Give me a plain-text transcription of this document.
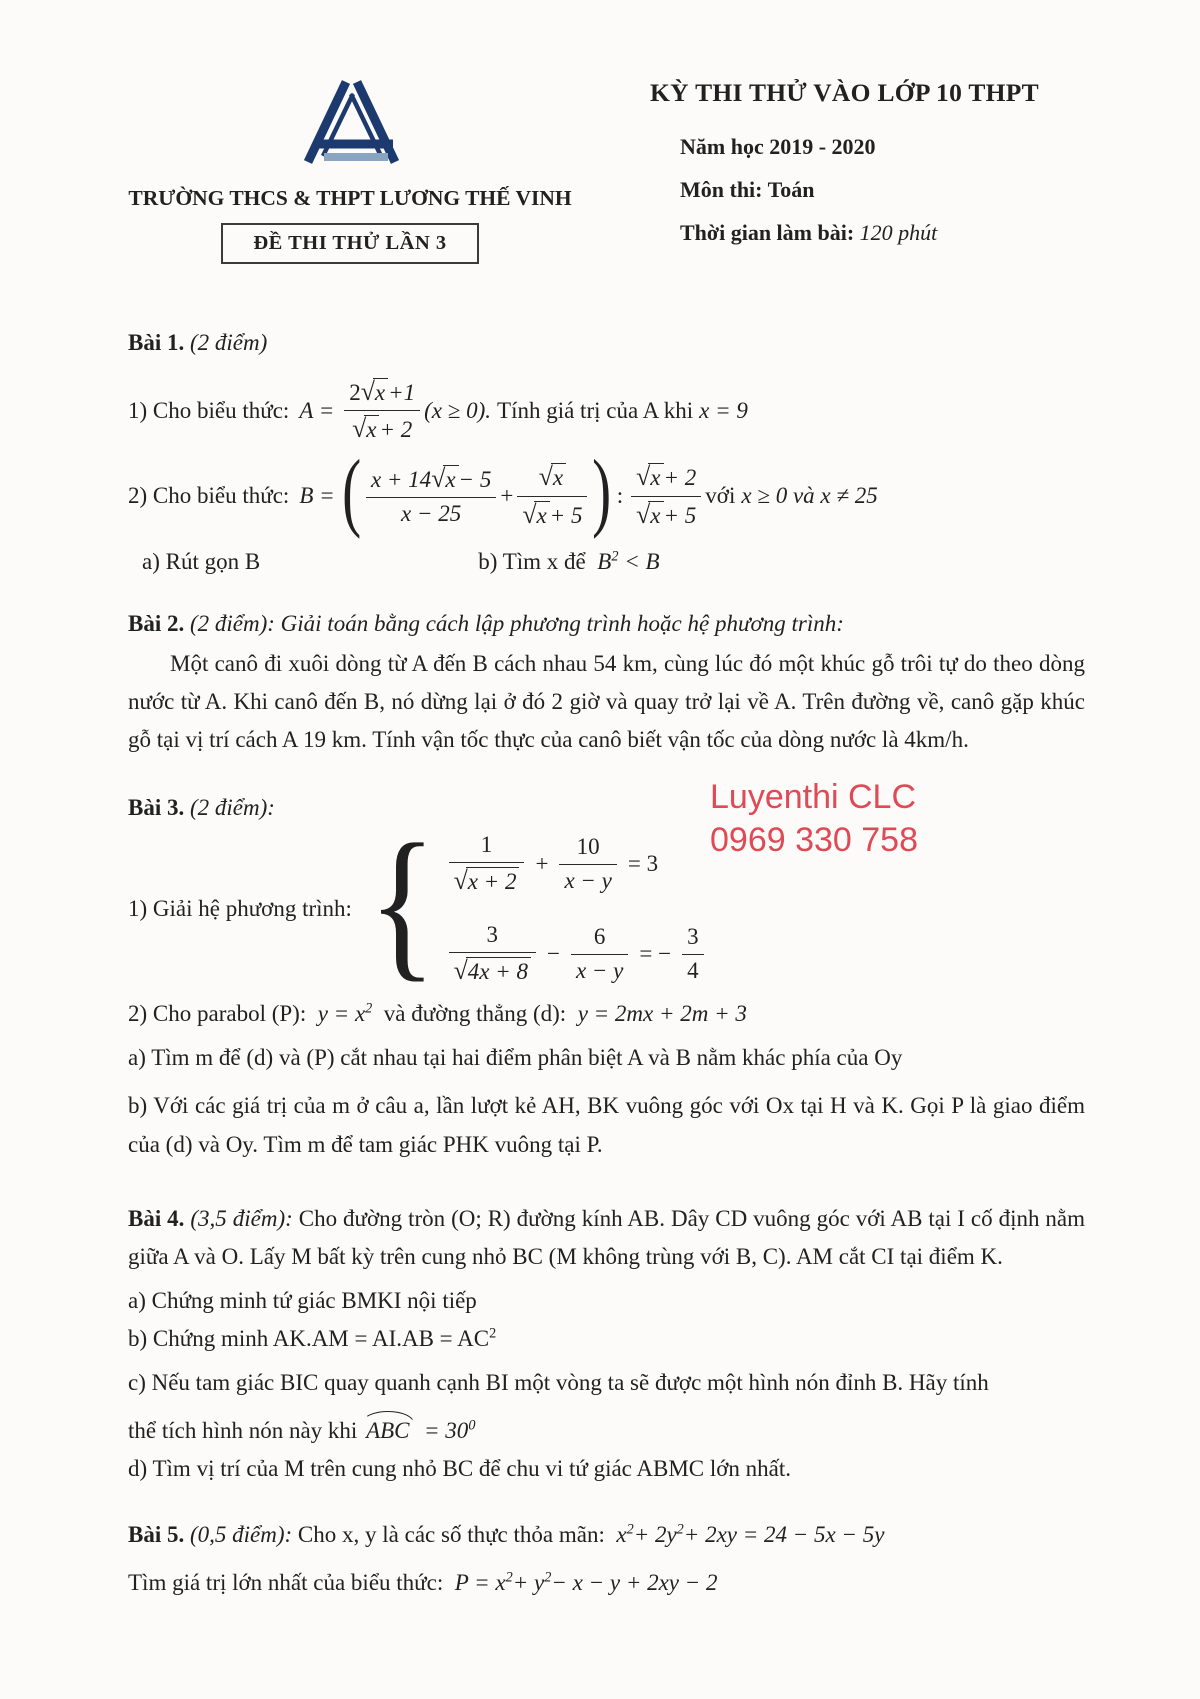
TRƯỜNG THCS & THPT LƯƠNG THẾ VINH
ĐỀ THI THỬ LẦN 3
KỲ THI THỬ VÀO LỚP 10 THPT
Năm học 2019 - 2020
Môn thi: Toán
Thời gian làm bài: 120 phút
Luyenthi CLC
0969 330 758

Bài 1. (2 điểm)

1) Cho biểu thức: $A = \frac{2√x +1}{√x + 2} (x \ge 0)$. Tính giá trị của A khi x = 9
2) Cho biểu thức: B = ( $\frac{x + 14√x - 5}{x - 25} + \frac{√x}{√x + 5}$ ) : $\frac{√x + 2}{√x + 5}$ với x ≥ 0 và x ≠ 25
a) Rút gọn B	b) Tìm x để $B^2 < B$

Bài 2. (2 điểm): Giải toán bằng cách lập phương trình hoặc hệ phương trình:

Một canô đi xuôi dòng từ A đến B cách nhau 54 km, cùng lúc đó một khúc gỗ trôi tự do theo dòng nước từ A. Khi canô đến B, nó dừng lại ở đó 2 giờ và quay trở lại về A. Trên đường về, canô gặp khúc gỗ tại vị trí cách A 19 km. Tính vận tốc thực của canô biết vận tốc của dòng nước là 4km/h.

Bài 3. (2 điểm):

1) Giải hệ phương trình: { $\frac{1}{√x + 2} + \frac{10}{x - y} = 3$
$\frac{3}{√4x + 8} - \frac{6}{x - y}$ = − $\frac{3}{4}$

2) Cho parabol (P): $y = x^2$ và đường thẳng (d): y = 2mx + 2m + 3

a) Tìm m để (d) và (P) cắt nhau tại hai điểm phân biệt A và B nằm khác phía của Oy

b) Với các giá trị của m ở câu a, lần lượt kẻ AH, BK vuông góc với Ox tại H và K. Gọi P là giao điểm của (d) và Oy. Tìm m để tam giác PHK vuông tại P.

Bài 4. (3,5 điểm): Cho đường tròn (O; R) đường kính AB. Dây CD vuông góc với AB tại I cố định nằm giữa A và O. Lấy M bất kỳ trên cung nhỏ BC (M không trùng với B, C). AM cắt CI tại điểm K.

a) Chứng minh tứ giác BMKI nội tiếp

b) Chứng minh $AK.AM = AI.AB = AC^2$

c) Nếu tam giác BIC quay quanh cạnh BI một vòng ta sẽ được một hình nón đỉnh B. Hãy tính

thể tích hình nón này khi ABC = $30^0$

d) Tìm vị trí của M trên cung nhỏ BC để chu vi tứ giác ABMC lớn nhất.

Bài 5. (0,5 điểm): Cho x, y là các số thực thỏa mãn: $x^2+ 2y^2+ 2xy = 24 - 5x - 5y$

Tìm giá trị lớn nhất của biểu thức: $P = x^2+ y^2- x - y + 2xy - 2$
